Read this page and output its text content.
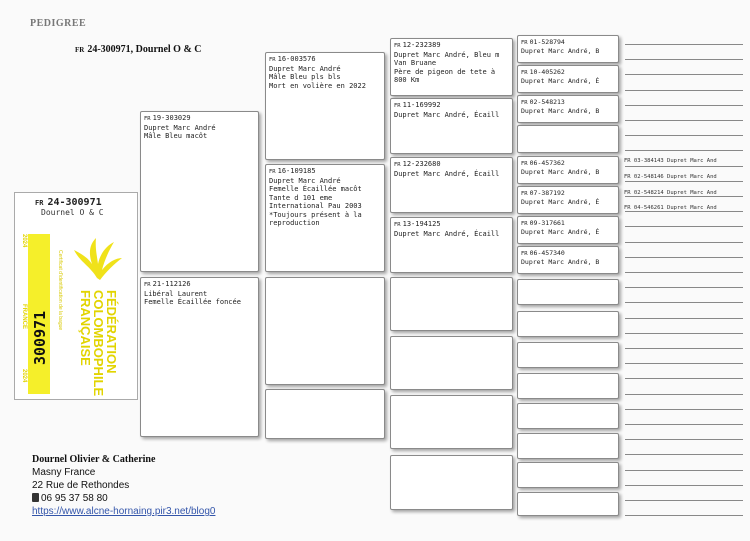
PEDIGREE
FR 24-300971, Dournel O & C
FR 24-300971
Dournel O & C
2024
FRANCE
2024
300971	FÉDÉRATION
COLOMBOPHILE
FRANÇAISE
Certificat d'identification de la bague
FR 19-303029
Dupret Marc André
Mâle Bleu macôt
FR 21-112126
Libéral Laurent
Femelle Écaillée foncée
FR 16-003576
Dupret Marc André
Mâle Bleu pls bls
Mort en volière en 2022
FR 16-109185
Dupret Marc André
Femelle Écaillée macôt
Tante d 101 eme
International Pau 2003
*Toujours présent à la
reproduction
FR 12-232389
Dupret Marc André, Bleu m
Van Bruane
Père de pigeon de tete à
800 Km
FR 11-169992
Dupret Marc André, Écaill
FR 12-232680
Dupret Marc André, Écaill
FR 13-194125
Dupret Marc André, Écaill
FR 01-528794
Dupret Marc André, B
FR 10-405262
Dupret Marc André, É
FR 02-548213
Dupret Marc André, B
FR 06-457362
Dupret Marc André, B
FR 07-387192
Dupret Marc André, É
FR 09-317661
Dupret Marc André, É
FR 06-457340
Dupret Marc André, B
FR 03-384143 Dupret Marc And
FR 02-548146 Dupret Marc And
FR 02-548214 Dupret Marc And
FR 04-546261 Dupret Marc And
Dournel Olivier & Catherine
Masny France
22 Rue de Rethondes
06 95 37 58 80
https://www.alcne-hornaing.pir3.net/blog0
